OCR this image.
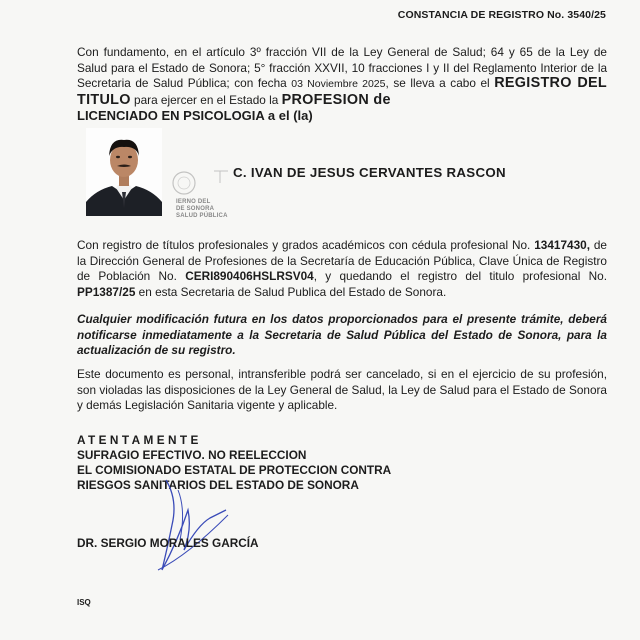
CONSTANCIA DE REGISTRO No. 3540/25
Con fundamento, en el artículo 3º fracción VII de la Ley General de Salud; 64 y 65 de la Ley de Salud para el Estado de Sonora; 5° fracción XXVII, 10 fracciones I y II del Reglamento Interior de la Secretaria de Salud Pública; con fecha 03 Noviembre 2025, se lleva a cabo el REGISTRO DEL TITULO para ejercer en el Estado la PROFESION de
LICENCIADO EN PSICOLOGIA a el (la)
IERNO DEL
DE SONORA
SALUD PÚBLICA
C. IVAN DE JESUS CERVANTES RASCON
Con registro de títulos profesionales y grados académicos con cédula profesional No. 13417430, de la Dirección General de Profesiones de la Secretaría de Educación Pública, Clave Única de Registro de Población No. CERI890406HSLRSV04, y quedando el registro del titulo profesional No. PP1387/25 en esta Secretaria de Salud Publica del Estado de Sonora.
Cualquier modificación futura en los datos proporcionados para el presente trámite, deberá notificarse inmediatamente a la Secretaria de Salud Pública del Estado de Sonora, para la actualización de su registro.
Este documento es personal, intransferible podrá ser cancelado, si en el ejercicio de su profesión, son violadas las disposiciones de la Ley General de Salud, la Ley de Salud para el Estado de Sonora y demás Legislación Sanitaria vigente y aplicable.
ATENTAMENTE
SUFRAGIO EFECTIVO. NO REELECCION
EL COMISIONADO ESTATAL DE PROTECCION CONTRA
RIESGOS SANITARIOS DEL ESTADO DE SONORA
DR. SERGIO MORALES GARCÍA
ISQ
